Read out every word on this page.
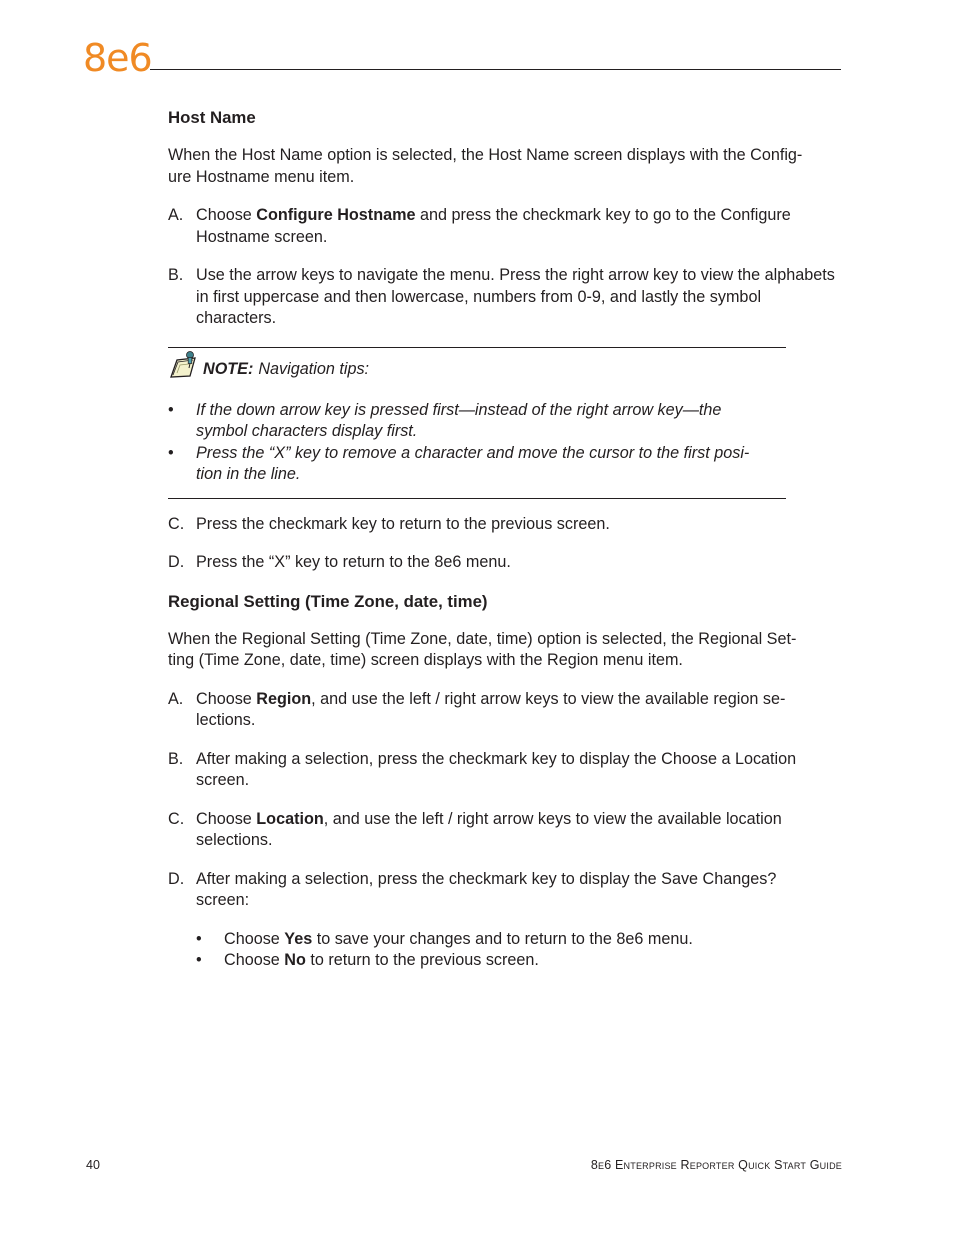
8e6
Host Name

When the Host Name option is selected, the Host Name screen displays with the Config-
ure Hostname menu item.

A. Choose Configure Hostname and press the checkmark key to go to the Configure Hostname screen.
B. Use the arrow keys to navigate the menu. Press the right arrow key to view the alphabets in first uppercase and then lowercase, numbers from 0-9, and lastly the symbol characters.
NOTE: Navigation tips:
•	If the down arrow key is pressed first—instead of the right arrow key—the
symbol characters display first.
•	Press the “X” key to remove a character and move the cursor to the first posi-
tion in the line.
C. Press the checkmark key to return to the previous screen.
D. Press the “X” key to return to the 8e6 menu.
Regional Setting (Time Zone, date, time)

When the Regional Setting (Time Zone, date, time) option is selected, the Regional Set-
ting (Time Zone, date, time) screen displays with the Region menu item.

A. Choose Region, and use the left / right arrow keys to view the available region se-
lections.
B. After making a selection, press the checkmark key to display the Choose a Location
screen.
C. Choose Location, and use the left / right arrow keys to view the available location
selections.
D. After making a selection, press the checkmark key to display the Save Changes?
screen:
•	Choose Yes to save your changes and to return to the 8e6 menu.
•	Choose No to return to the previous screen.
40	8e6 Enterprise Reporter Quick Start Guide
